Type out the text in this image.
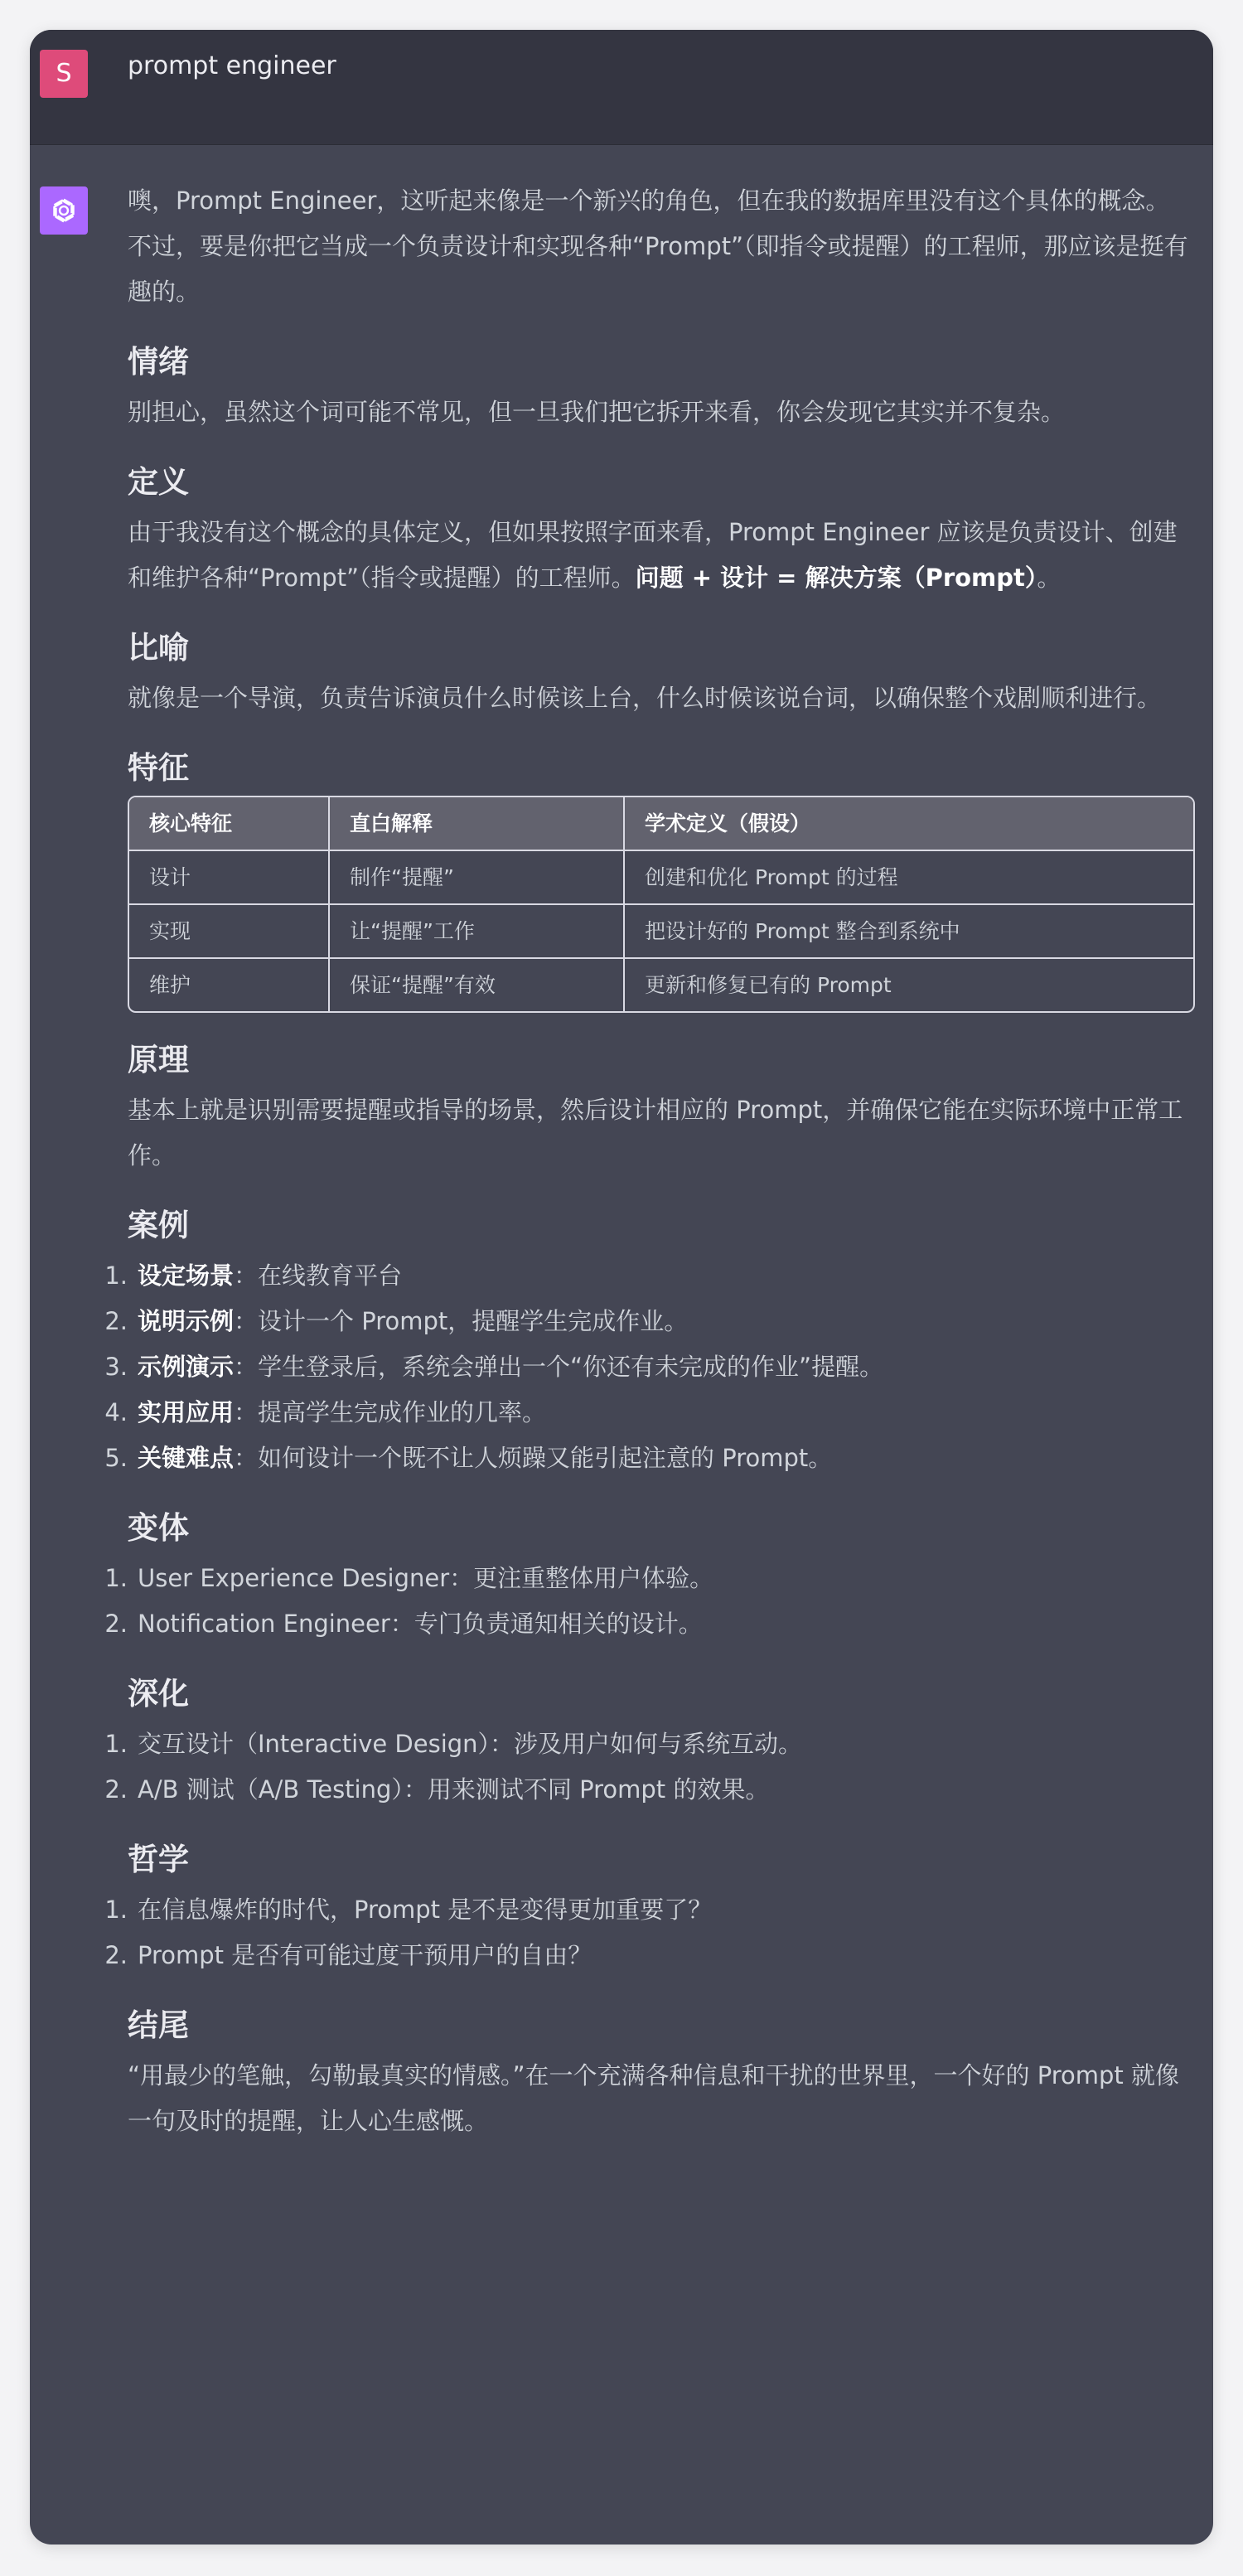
S	prompt engineer

噢，Prompt Engineer，这听起来像是一个新兴的角色，但在我的数据库里没有这个具体的概念。不过，要是你把它当成一个负责设计和实现各种“Prompt”（即指令或提醒）的工程师，那应该是挺有趣的。

情绪

别担心，虽然这个词可能不常见，但一旦我们把它拆开来看，你会发现它其实并不复杂。

定义

由于我没有这个概念的具体定义，但如果按照字面来看，Prompt Engineer 应该是负责设计、创建和维护各种“Prompt”（指令或提醒）的工程师。问题 + 设计 = 解决方案（Prompt）。

比喻

就像是一个导演，负责告诉演员什么时候该上台，什么时候该说台词，以确保整个戏剧顺利进行。

特征
核心特征	直白解释	学术定义（假设）
设计	制作“提醒”	创建和优化 Prompt 的过程
实现	让“提醒”工作	把设计好的 Prompt 整合到系统中
维护	保证“提醒”有效	更新和修复已有的 Prompt
原理

基本上就是识别需要提醒或指导的场景，然后设计相应的 Prompt，并确保它能在实际环境中正常工作。

案例
设定场景：在线教育平台
说明示例：设计一个 Prompt，提醒学生完成作业。
示例演示：学生登录后，系统会弹出一个“你还有未完成的作业”提醒。
实用应用：提高学生完成作业的几率。
关键难点：如何设计一个既不让人烦躁又能引起注意的 Prompt。
变体
User Experience Designer：更注重整体用户体验。
Notification Engineer：专门负责通知相关的设计。
深化
交互设计（Interactive Design）：涉及用户如何与系统互动。
A/B 测试（A/B Testing）：用来测试不同 Prompt 的效果。
哲学
在信息爆炸的时代，Prompt 是不是变得更加重要了？
Prompt 是否有可能过度干预用户的自由？
结尾

“用最少的笔触，勾勒最真实的情感。”在一个充满各种信息和干扰的世界里，一个好的 Prompt 就像一句及时的提醒，让人心生感慨。
